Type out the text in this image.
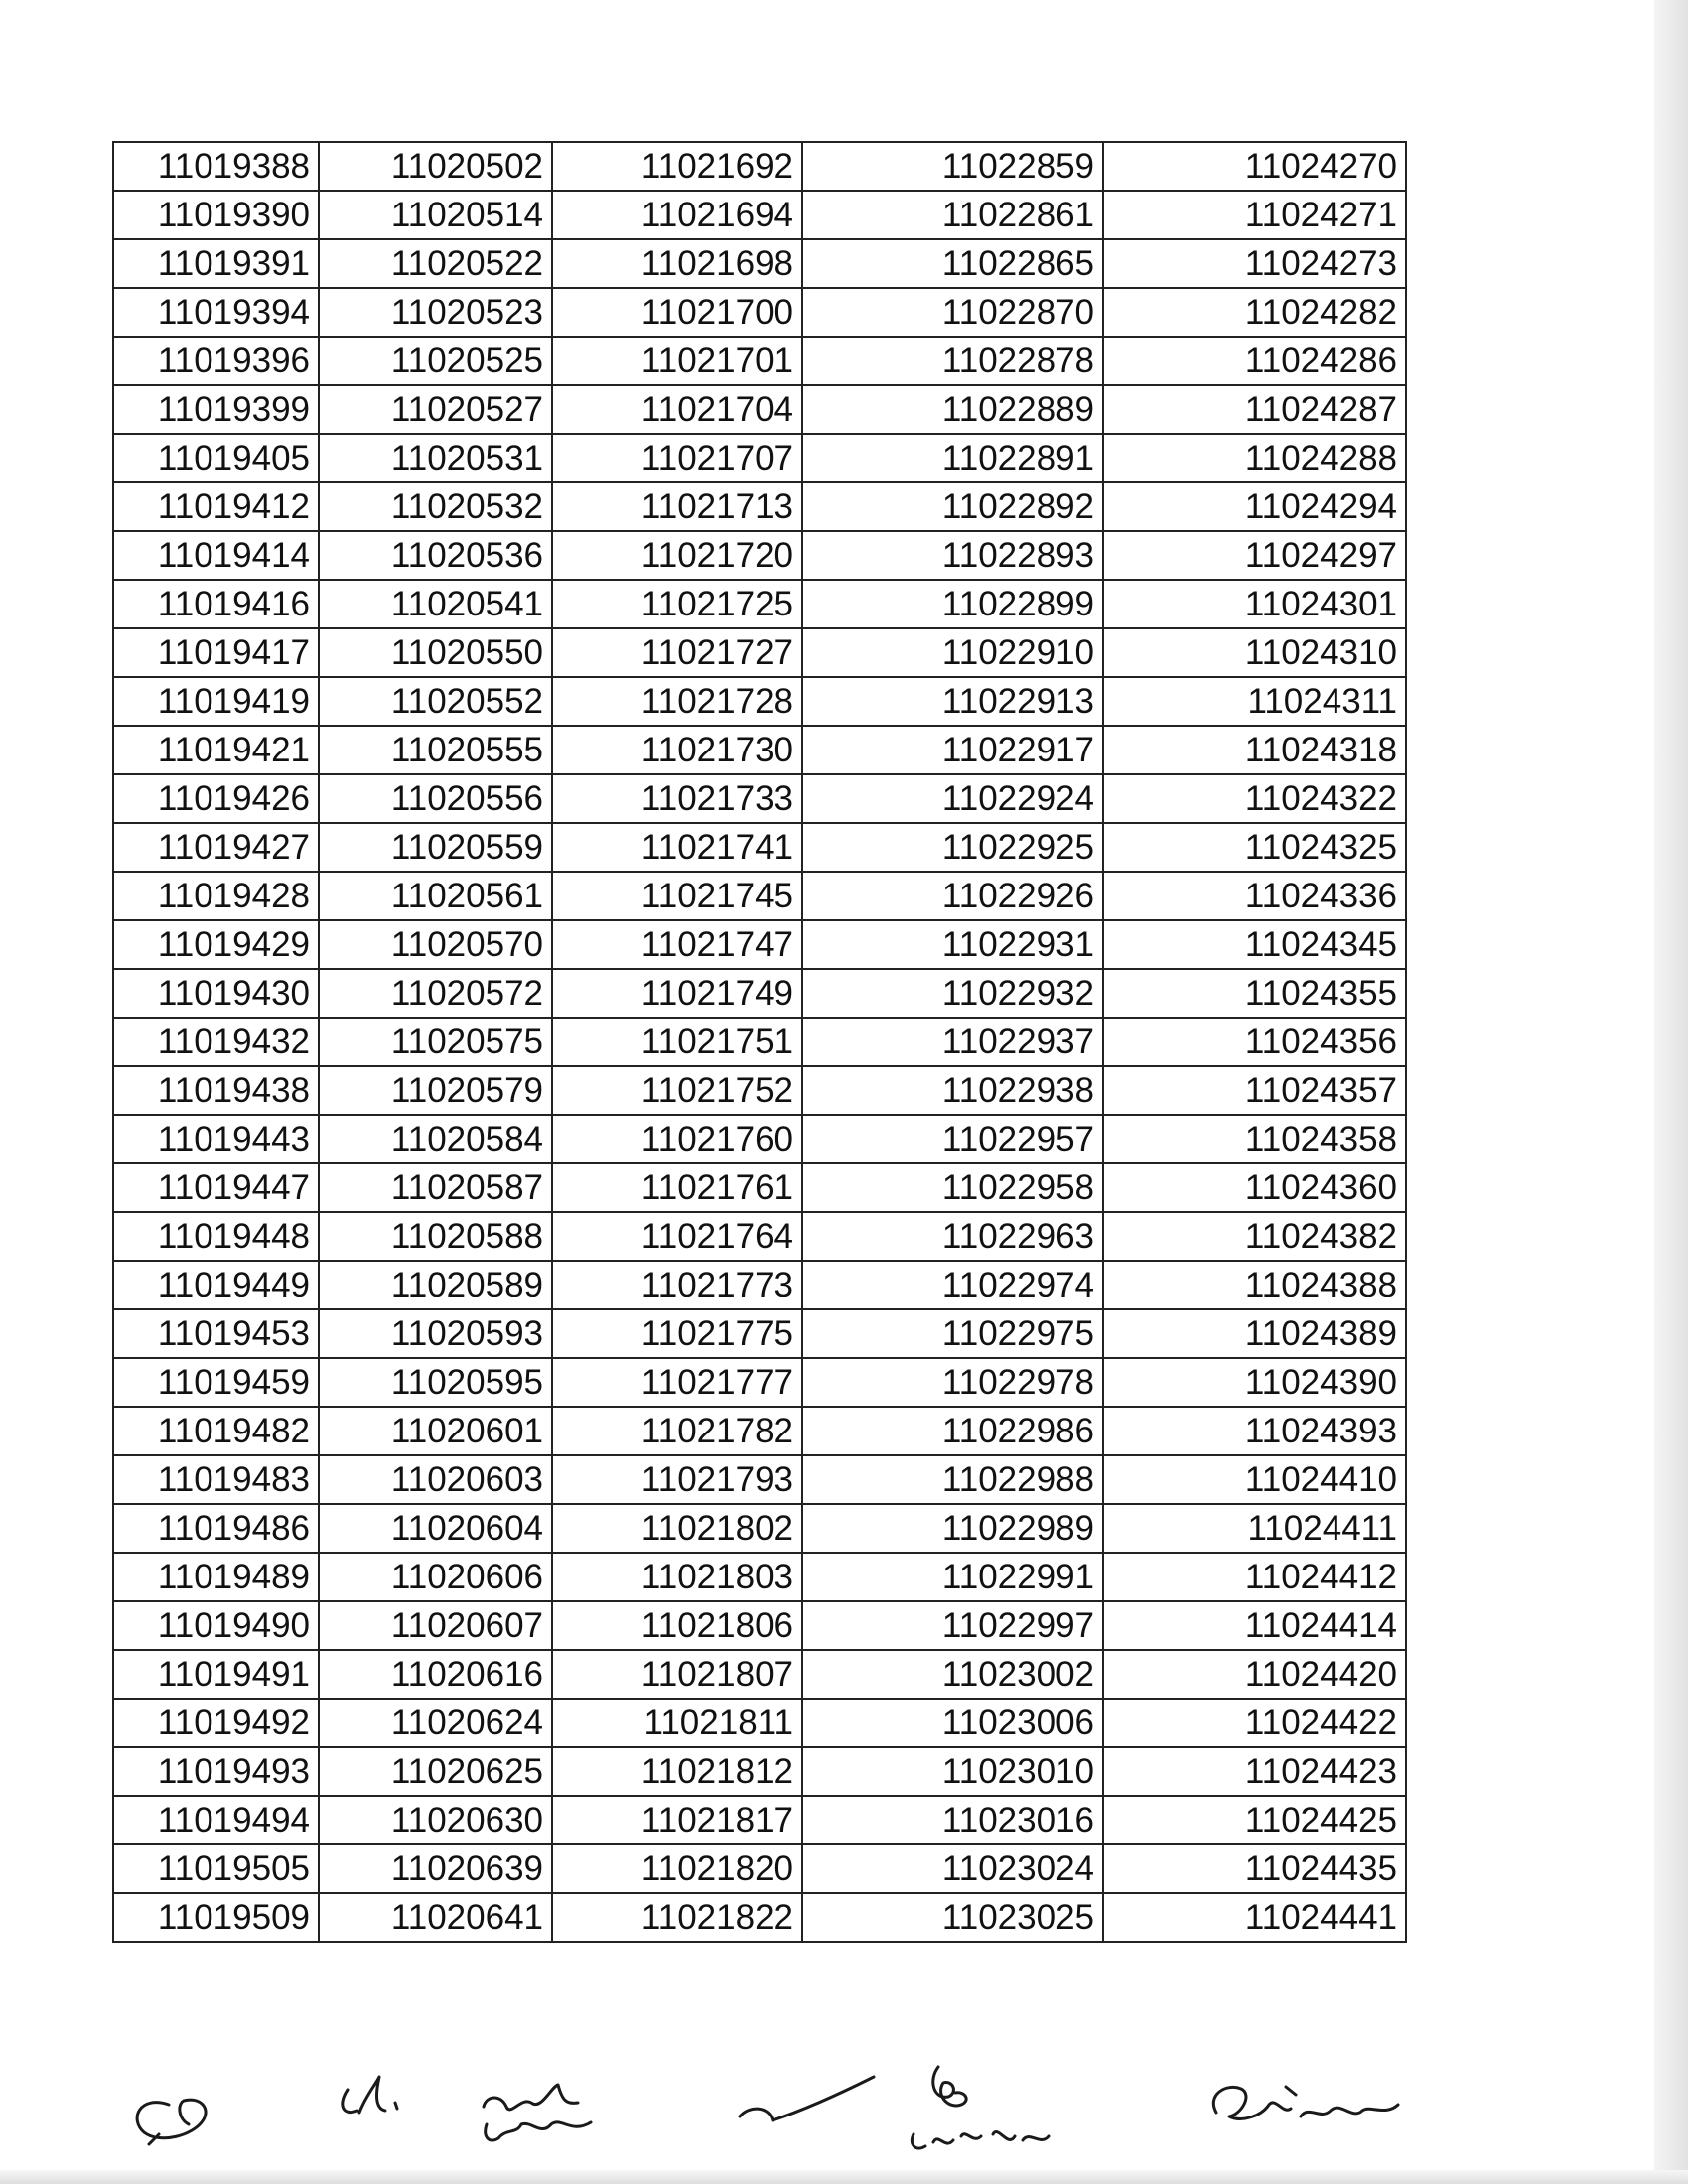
11019388	11020502	11021692	11022859	11024270
11019390	11020514	11021694	11022861	11024271
11019391	11020522	11021698	11022865	11024273
11019394	11020523	11021700	11022870	11024282
11019396	11020525	11021701	11022878	11024286
11019399	11020527	11021704	11022889	11024287
11019405	11020531	11021707	11022891	11024288
11019412	11020532	11021713	11022892	11024294
11019414	11020536	11021720	11022893	11024297
11019416	11020541	11021725	11022899	11024301
11019417	11020550	11021727	11022910	11024310
11019419	11020552	11021728	11022913	11024311
11019421	11020555	11021730	11022917	11024318
11019426	11020556	11021733	11022924	11024322
11019427	11020559	11021741	11022925	11024325
11019428	11020561	11021745	11022926	11024336
11019429	11020570	11021747	11022931	11024345
11019430	11020572	11021749	11022932	11024355
11019432	11020575	11021751	11022937	11024356
11019438	11020579	11021752	11022938	11024357
11019443	11020584	11021760	11022957	11024358
11019447	11020587	11021761	11022958	11024360
11019448	11020588	11021764	11022963	11024382
11019449	11020589	11021773	11022974	11024388
11019453	11020593	11021775	11022975	11024389
11019459	11020595	11021777	11022978	11024390
11019482	11020601	11021782	11022986	11024393
11019483	11020603	11021793	11022988	11024410
11019486	11020604	11021802	11022989	11024411
11019489	11020606	11021803	11022991	11024412
11019490	11020607	11021806	11022997	11024414
11019491	11020616	11021807	11023002	11024420
11019492	11020624	11021811	11023006	11024422
11019493	11020625	11021812	11023010	11024423
11019494	11020630	11021817	11023016	11024425
11019505	11020639	11021820	11023024	11024435
11019509	11020641	11021822	11023025	11024441
